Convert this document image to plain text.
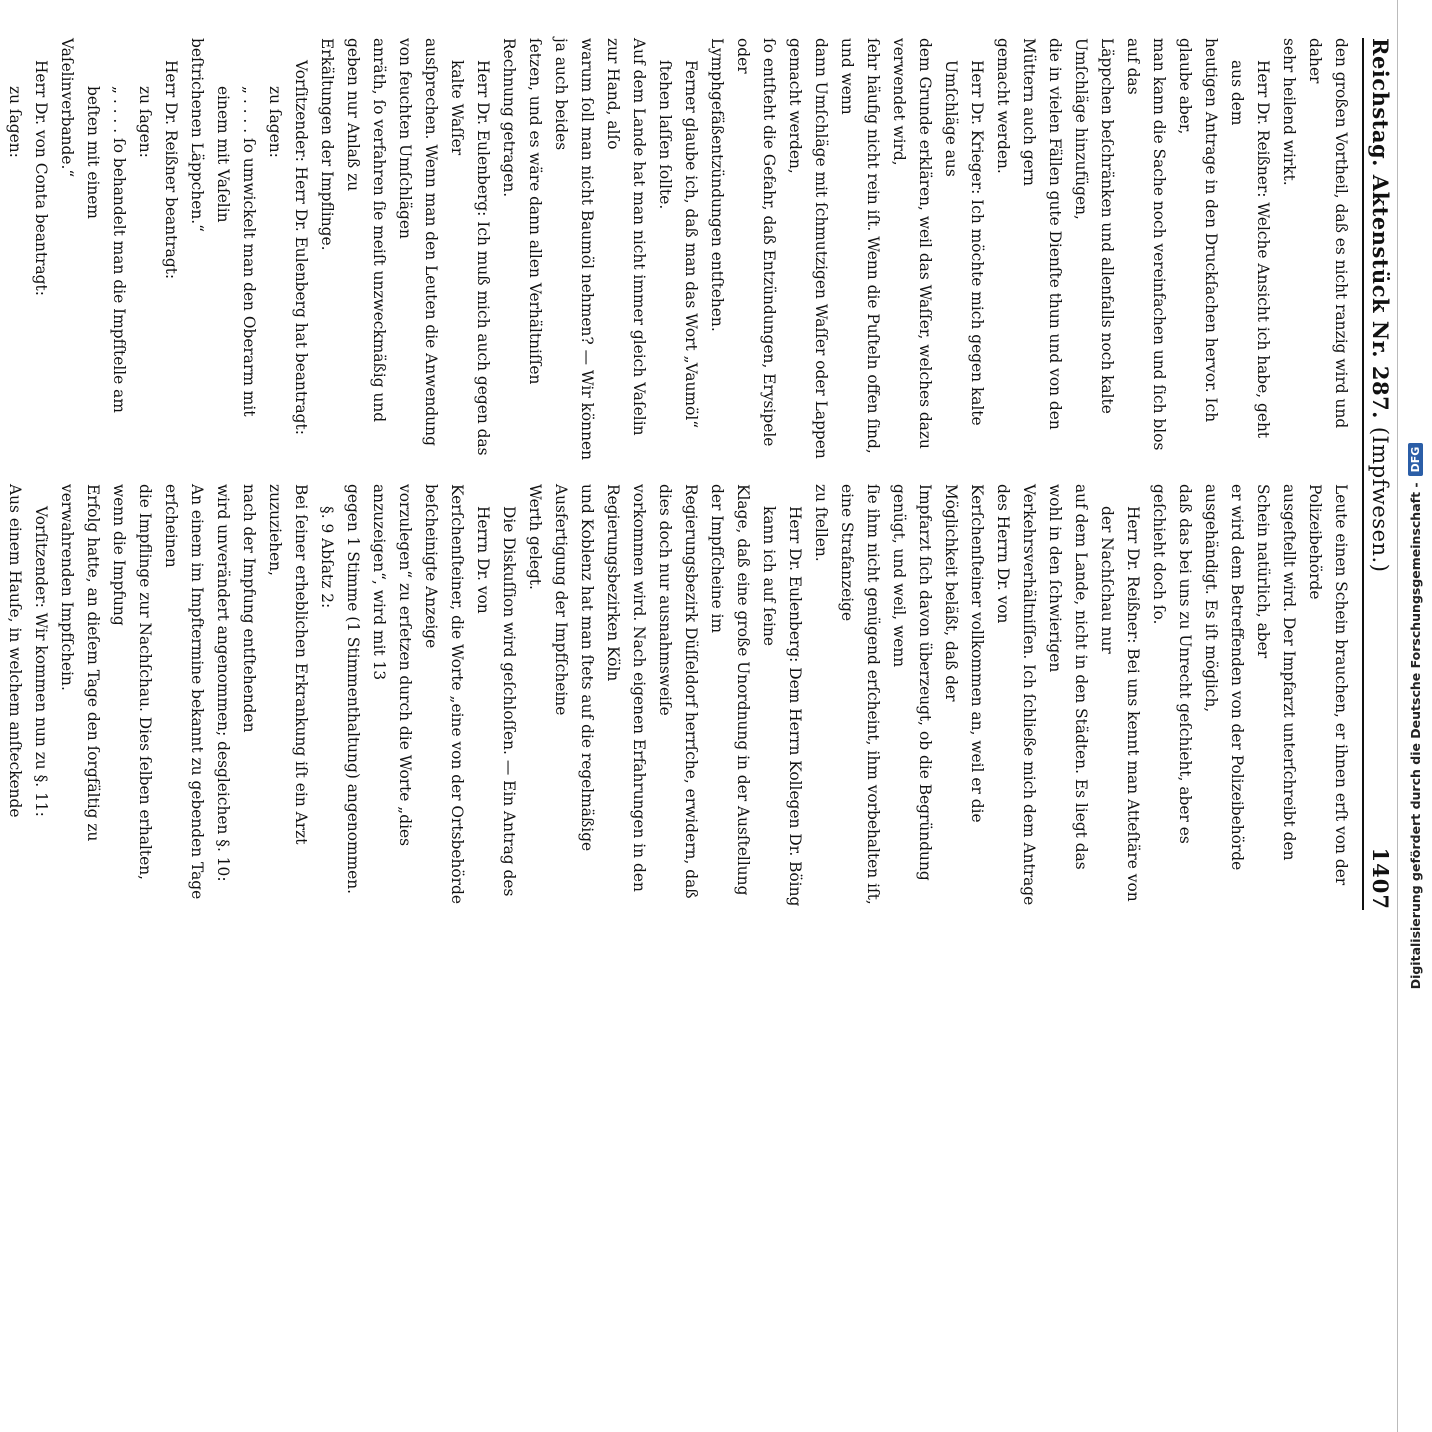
Reichstag. Aktenstück Nr. 287. (Impfwesen.)
1407
den großen Vortheil, daß es nicht ranzig wird und daher
sehr heilend wirkt.
Herr Dr. Reißner: Welche Ansicht ich habe, geht aus dem
heutigen Antrage in den Druckſachen hervor. Ich glaube aber,
man kann die Sache noch vereinfachen und ſich blos auf das
Läppchen beſchränken und allenfalls noch kalte Umſchläge hinzufügen,
die in vielen Fällen gute Dienſte thun und von den Müttern auch gern
gemacht werden.
Herr Dr. Krieger: Ich möchte mich gegen kalte Umſchläge aus
dem Grunde erklären, weil das Waſſer, welches dazu verwendet wird,
ſehr häufig nicht rein iſt. Wenn die Puſteln offen ſind, und wenn
dann Umſchläge mit ſchmutzigen Waſſer oder Lappen gemacht werden,
ſo entſteht die Gefahr, daß Entzündungen, Erysipele oder
Lymphgefäßentzündungen entſtehen.
Ferner glaube ich, daß man das Wort „Vaumöl“ ſtehen laſſen ſollte.
Auf dem Lande hat man nicht immer gleich Vaſelin zur Hand, alſo
warum ſoll man nicht Baumöl nehmen? — Wir können ja auch beides
ſetzen, und es wäre dann allen Verhältniſſen Rechnung getragen.
Herr Dr. Eulenberg: Ich muß mich auch gegen das kalte Waſſer
ausſprechen. Wenn man den Leuten die Anwendung von feuchten Umſchlägen
anräth, ſo verfahren ſie meiſt unzweckmäßig und geben nur Anlaß zu
Erkältungen der Impflinge.
Vorſitzender: Herr Dr. Eulenberg hat beantragt:
zu ſagen:
„ . . . . ſo umwickelt man den Oberarm mit einem mit Vaſelin
beſtrichenen Läppchen.“
Herr Dr. Reißner beantragt:
zu ſagen:
„ . . . . ſo behandelt man die Impfſtelle am beſten mit einem
Vaſelinverbande.“
Herr Dr. von Conta beantragt:
zu ſagen:
Leute einen Schein brauchen, er ihnen erſt von der Polizeibehörde
ausgeſtellt wird. Der Impfarzt unterſchreibt den Schein natürlich, aber
er wird dem Betreffenden von der Polizeibehörde ausgehändigt. Es iſt möglich,
daß das bei uns zu Unrecht geſchieht, aber es geſchieht doch ſo.
Herr Dr. Reißner: Bei uns kennt man Atteſtäre von der Nachſchau nur
auf dem Lande, nicht in den Städten. Es liegt das wohl in den ſchwierigen
Verkehrsverhältniſſen. Ich ſchließe mich dem Antrage des Herrn Dr. von
Kerſchenſteiner vollkommen an, weil er die Möglichkeit beläßt, daß der
Impfarzt ſich davon überzeugt, ob die Begründung genügt, und weil, wenn
ſie ihm nicht genügend erſcheint, ihm vorbehalten iſt, eine Strafanzeige
zu ſtellen.
Herr Dr. Eulenberg: Dem Herrn Kollegen Dr. Böing kann ich auf ſeine
Klage, daß eine große Unordnung in der Ausſtellung der Impfſcheine im
Regierungsbezirk Düſſeldorf herrſche, erwidern, daß dies doch nur ausnahmsweiſe
vorkommen wird. Nach eigenen Erfahrungen in den Regierungsbezirken Köln
und Koblenz hat man ſtets auf die regelmäßige Ausfertigung der Impfſcheine
Werth gelegt.
Die Diskuſſion wird geſchloſſen. — Ein Antrag des Herrn Dr. von
Kerſchenſteiner, die Worte „eine von der Ortsbehörde beſcheinigte Anzeige
vorzulegen“ zu erſetzen durch die Worte „dies anzuzeigen“, wird mit 13
gegen 1 Stimme (1 Stimmenthaltung) angenommen.
§. 9 Abſatz 2:
Bei ſeiner erheblichen Erkrankung iſt ein Arzt zuzuziehen,
nach der Impfung entſtehenden
wird unverändert angenommen; desgleichen §. 10:
An einem im Impftermine bekannt zu gebenden Tage erſcheinen
die Impflinge zur Nachſchau. Dies ſelben erhalten, wenn die Impfung
Erfolg hatte, an dieſem Tage den ſorgfältig zu verwahrenden Impfſchein.
Vorſitzender: Wir kommen nun zu §. 11:
Aus einem Hauſe, in welchem anſteckende	Digitalisierung gefördert durch die Deutsche Forschungsgemeinschaft -
DFG
